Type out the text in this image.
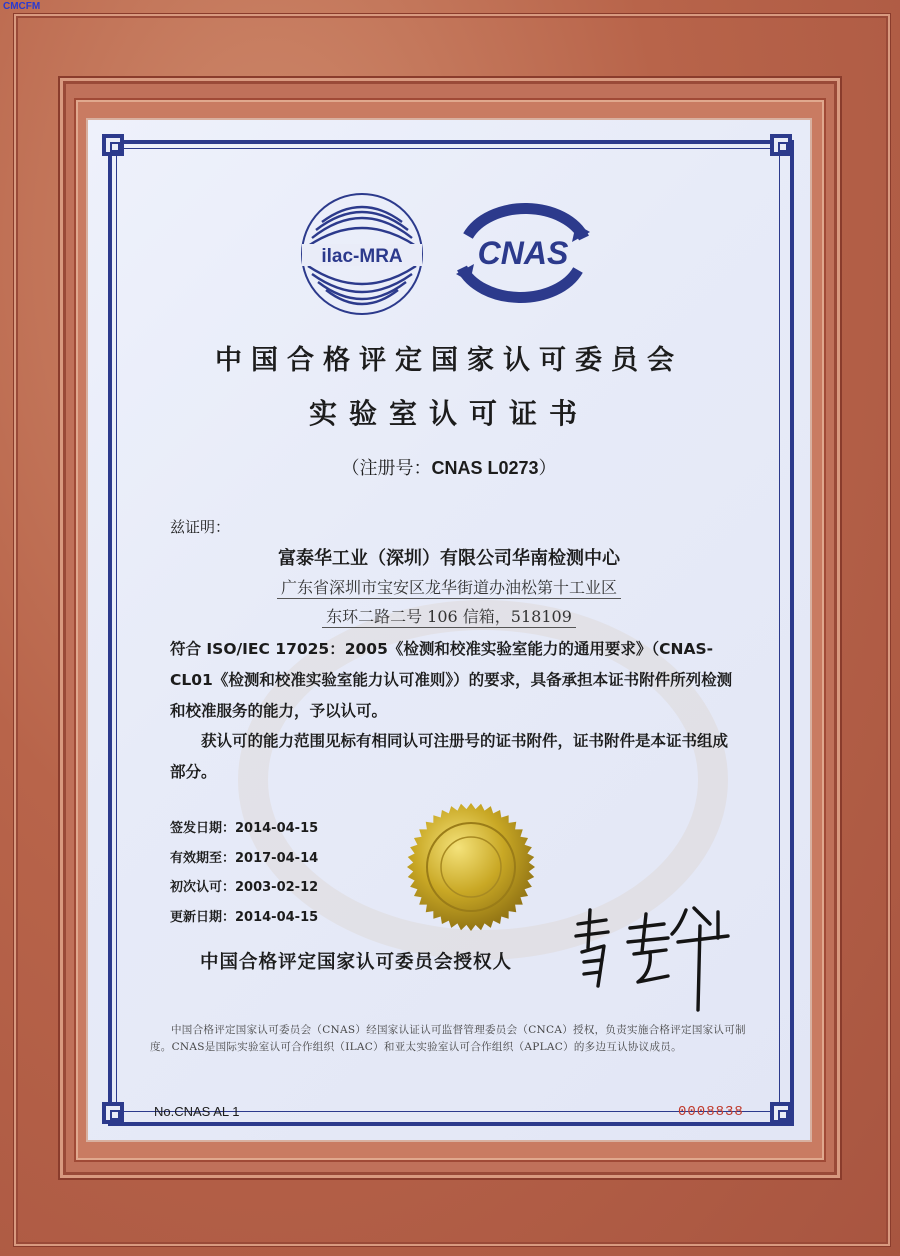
CMCFM
ilac-MRA CNAS
中国合格评定国家认可委员会
实验室认可证书
（注册号：CNAS L0273）
兹证明：
富泰华工业（深圳）有限公司华南检测中心
广东省深圳市宝安区龙华街道办油松第十工业区
东环二路二号 106 信箱，518109
符合 ISO/IEC 17025：2005《检测和校准实验室能力的通用要求》（CNAS-CL01《检测和校准实验室能力认可准则》）的要求，具备承担本证书附件所列检测和校准服务的能力，予以认可。
获认可的能力范围见标有相同认可注册号的证书附件，证书附件是本证书组成部分。
签发日期：2014-04-15
有效期至：2017-04-14
初次认可：2003-02-12
更新日期：2014-04-15
中国合格评定国家认可委员会授权人
中国合格评定国家认可委员会（CNAS）经国家认证认可监督管理委员会（CNCA）授权，负责实施合格评定国家认可制度。CNAS是国际实验室认可合作组织（ILAC）和亚太实验室认可合作组织（APLAC）的多边互认协议成员。
No.CNAS AL 1	0008838
